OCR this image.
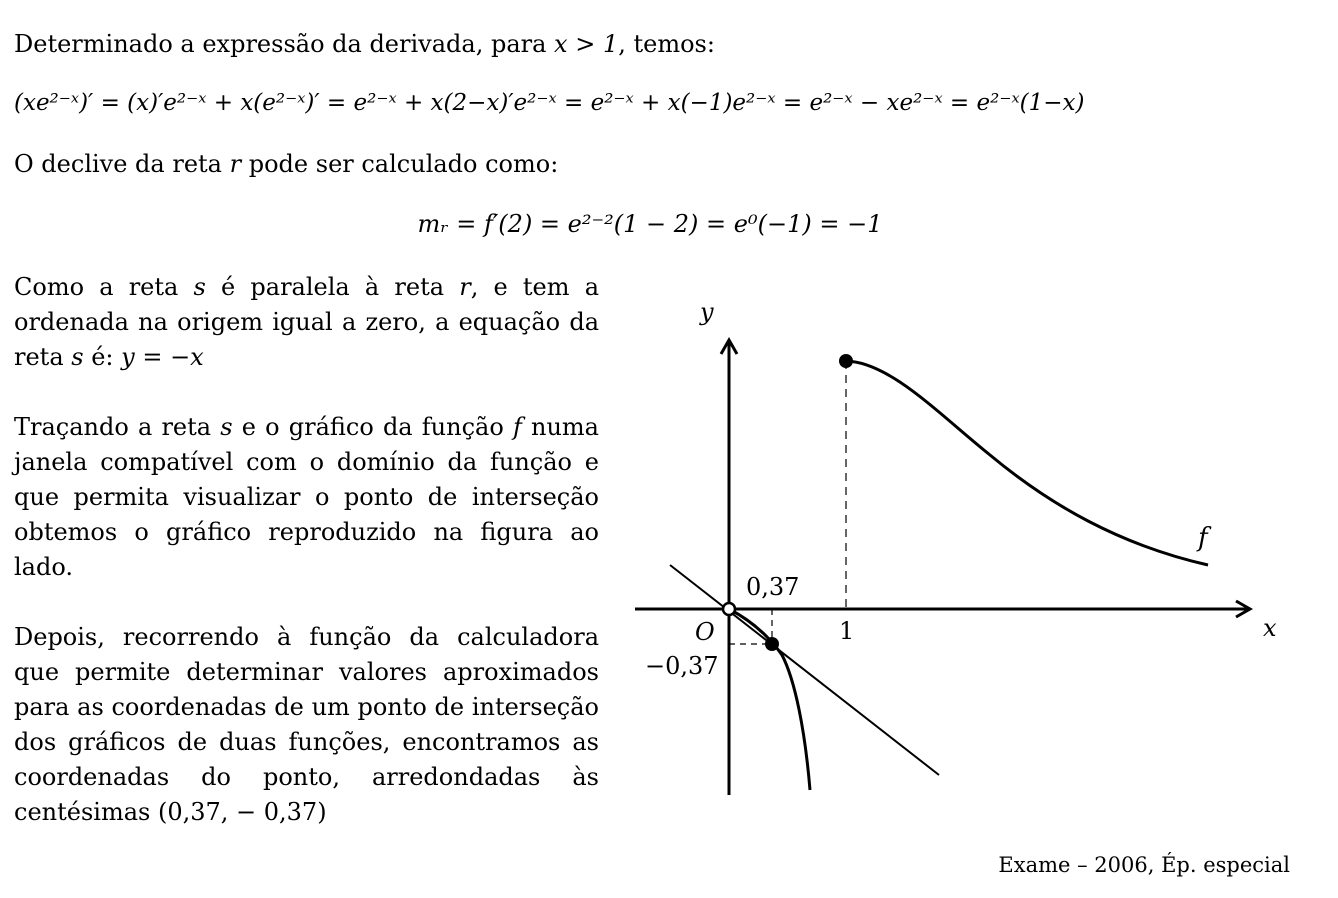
Determinado a expressão da derivada, para x > 1, temos:
(xe²⁻ˣ)′ = (x)′e²⁻ˣ + x(e²⁻ˣ)′ = e²⁻ˣ + x(2−x)′e²⁻ˣ = e²⁻ˣ + x(−1)e²⁻ˣ = e²⁻ˣ − xe²⁻ˣ = e²⁻ˣ(1−x)
O declive da reta r pode ser calculado como:
mᵣ = f′(2) = e²⁻²(1 − 2) = e⁰(−1) = −1
Como a reta s é paralela à reta r, e tem a ordenada na origem igual a zero, a equação da reta s é: y = −x
Traçando a reta s e o gráfico da função f numa janela compatível com o domínio da função e que permita visualizar o ponto de interseção obtemos o gráfico reproduzido na figura ao lado.
Depois, recorrendo à função da calculadora que permite determinar valores aproximados para as coordenadas de um ponto de interseção dos gráficos de duas funções, encontramos as coordenadas do ponto, arredondadas às centésimas (0,37, − 0,37)
y
x
O	1
0,37
−0,37
f
Exame – 2006, Ép. especial
